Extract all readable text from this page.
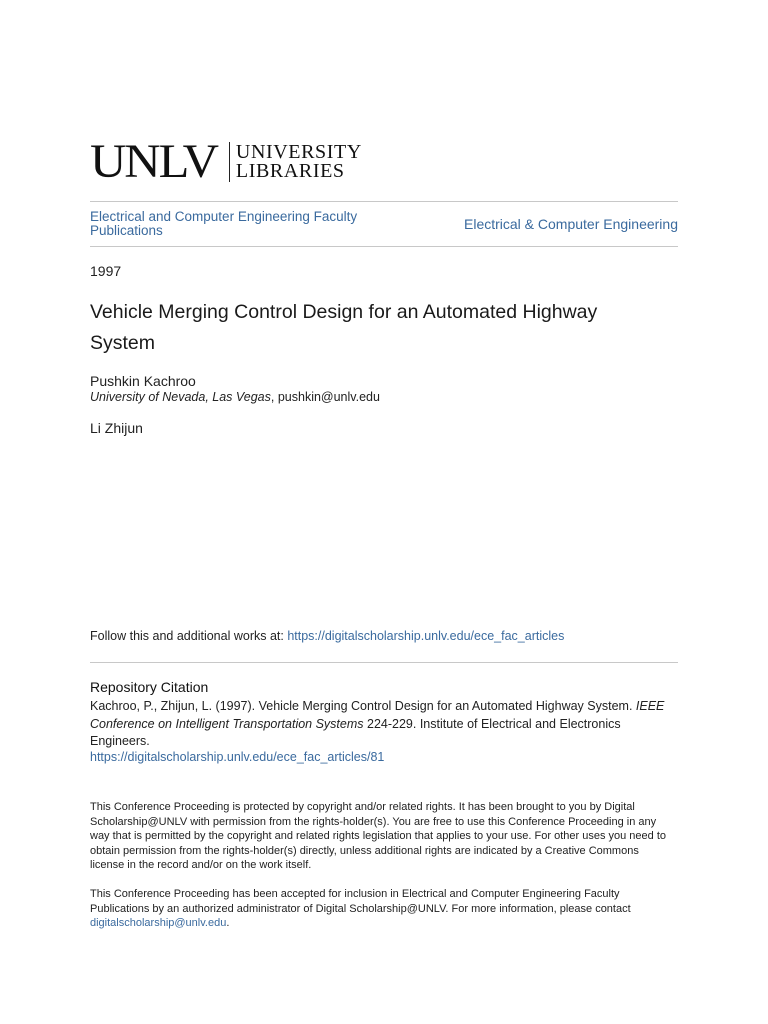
UNLV UNIVERSITY
LIBRARIES
Electrical and Computer Engineering Faculty Publications	Electrical & Computer Engineering
1997
Vehicle Merging Control Design for an Automated Highway System
Pushkin Kachroo
University of Nevada, Las Vegas, pushkin@unlv.edu
Li Zhijun
Follow this and additional works at: https://digitalscholarship.unlv.edu/ece_fac_articles
Repository Citation
Kachroo, P., Zhijun, L. (1997). Vehicle Merging Control Design for an Automated Highway System. IEEE Conference on Intelligent Transportation Systems 224-229. Institute of Electrical and Electronics Engineers.
https://digitalscholarship.unlv.edu/ece_fac_articles/81
This Conference Proceeding is protected by copyright and/or related rights. It has been brought to you by Digital Scholarship@UNLV with permission from the rights-holder(s). You are free to use this Conference Proceeding in any way that is permitted by the copyright and related rights legislation that applies to your use. For other uses you need to obtain permission from the rights-holder(s) directly, unless additional rights are indicated by a Creative Commons license in the record and/or on the work itself.
This Conference Proceeding has been accepted for inclusion in Electrical and Computer Engineering Faculty Publications by an authorized administrator of Digital Scholarship@UNLV. For more information, please contact digitalscholarship@unlv.edu.
